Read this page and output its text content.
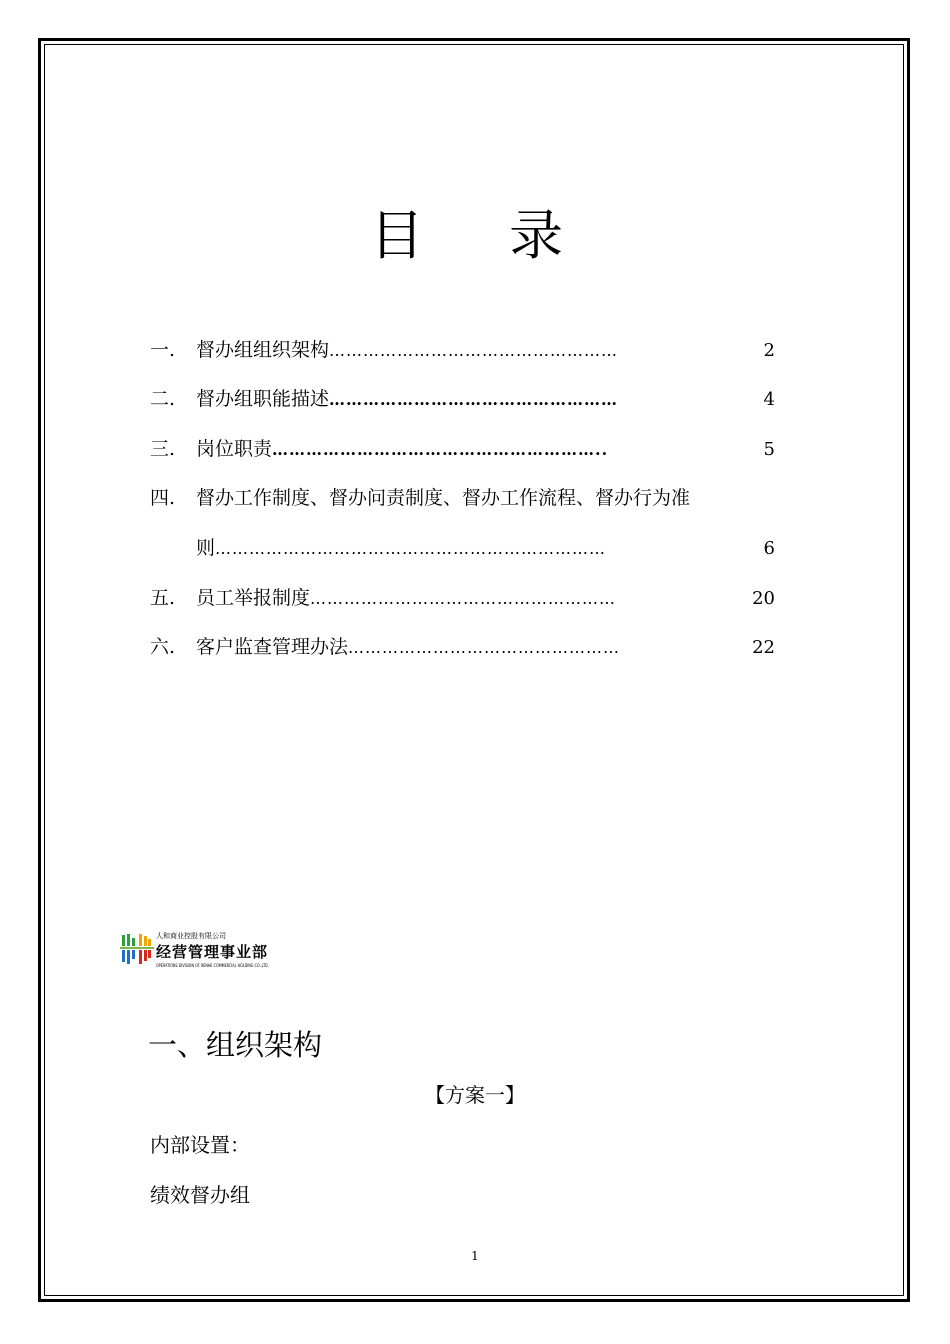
目 录
一.	督办组组织架构 ……………………………………………	2
二.	督办组职能描述 ……………………………………………	4
三.	岗位职责 …………………………………………………..	5
四.	督办工作制度、督办问责制度、督办工作流程、督办行为准
则 ……………………………………………………………	6
五.	员工举报制度 ………………………………………………	20
六.	客户监查管理办法 …………………………………………	22
人和商业控股有限公司
经营管理事业部
OPERATIONS DIVISION OF RENHE COMMERCIAL HOLDING CO.,LTD.
一、组织架构
【方案一】
内部设置：
绩效督办组
1
